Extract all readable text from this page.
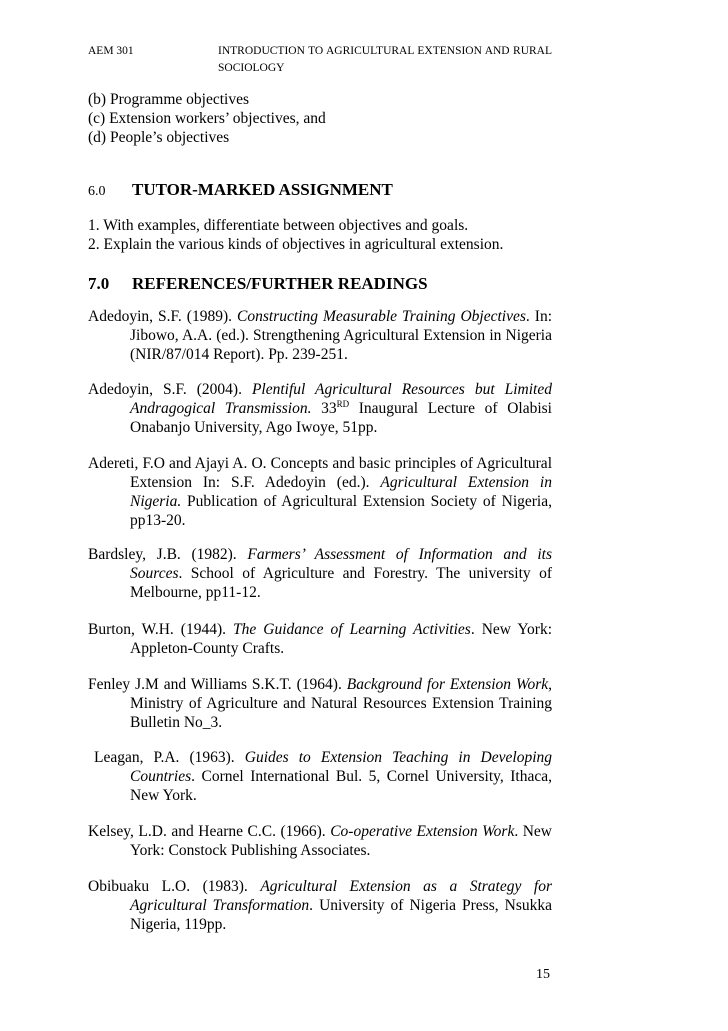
AEM 301	INTRODUCTION TO AGRICULTURAL EXTENSION AND RURAL SOCIOLOGY
(b) Programme objectives
(c) Extension workers’ objectives, and
(d) People’s objectives
6.0 TUTOR-MARKED ASSIGNMENT
1. With examples, differentiate between objectives and goals.
2. Explain the various kinds of objectives in agricultural extension.
7.0 REFERENCES/FURTHER READINGS
Adedoyin, S.F. (1989). Constructing Measurable Training Objectives. In: Jibowo, A.A. (ed.). Strengthening Agricultural Extension in Nigeria (NIR/87/014 Report). Pp. 239-251.
Adedoyin, S.F. (2004). Plentiful Agricultural Resources but Limited Andragogical Transmission. 33RD Inaugural Lecture of Olabisi Onabanjo University, Ago Iwoye, 51pp.
Adereti, F.O and Ajayi A. O. Concepts and basic principles of Agricultural Extension In: S.F. Adedoyin (ed.). Agricultural Extension in Nigeria. Publication of Agricultural Extension Society of Nigeria, pp13-20.
Bardsley, J.B. (1982). Farmers’ Assessment of Information and its Sources. School of Agriculture and Forestry. The university of Melbourne, pp11-12.
Burton, W.H. (1944). The Guidance of Learning Activities. New York: Appleton-County Crafts.
Fenley J.M and Williams S.K.T. (1964). Background for Extension Work, Ministry of Agriculture and Natural Resources Extension Training Bulletin No_3.
Leagan, P.A. (1963). Guides to Extension Teaching in Developing Countries. Cornel International Bul. 5, Cornel University, Ithaca, New York.
Kelsey, L.D. and Hearne C.C. (1966). Co-operative Extension Work. New York: Constock Publishing Associates.
Obibuaku L.O. (1983). Agricultural Extension as a Strategy for Agricultural Transformation. University of Nigeria Press, Nsukka Nigeria, 119pp.
15
